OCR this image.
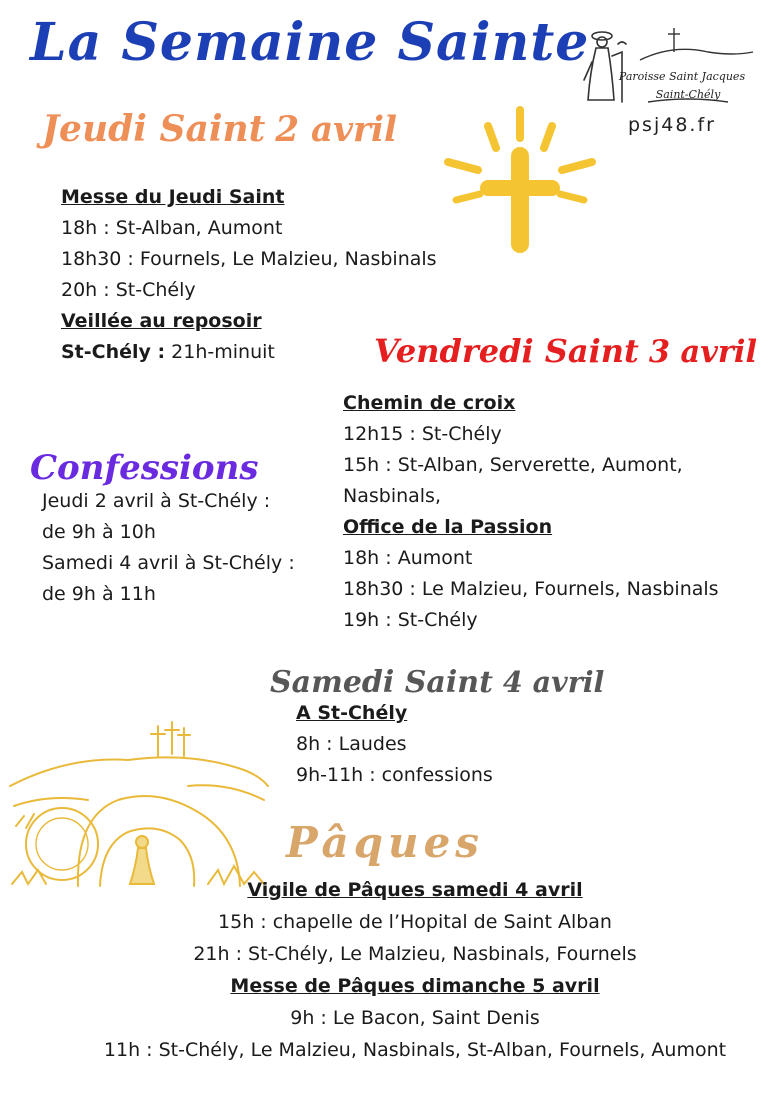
La Semaine Sainte
Paroisse Saint Jacques
Saint-Chély
psj48.fr
Jeudi Saint 2 avril
Messe du Jeudi Saint
18h : St-Alban, Aumont
18h30 : Fournels, Le Malzieu, Nasbinals
20h : St-Chély
Veillée au reposoir
St-Chély : 21h-minuit	Vendredi Saint 3 avril
Chemin de croix
12h15 : St-Chély
15h : St-Alban, Serverette, Aumont,
Nasbinals,
Office de la Passion
18h : Aumont
18h30 : Le Malzieu, Fournels, Nasbinals
19h : St-Chély
Confessions
Jeudi 2 avril à St-Chély :
de 9h à 10h
Samedi 4 avril à St-Chély :
de 9h à 11h
Samedi Saint 4 avril
A St-Chély
8h : Laudes
9h-11h : confessions
Pâques
Vigile de Pâques samedi 4 avril
15h : chapelle de l’Hopital de Saint Alban
21h : St-Chély, Le Malzieu, Nasbinals, Fournels
Messe de Pâques dimanche 5 avril
9h : Le Bacon, Saint Denis
11h : St-Chély, Le Malzieu, Nasbinals, St-Alban, Fournels, Aumont
